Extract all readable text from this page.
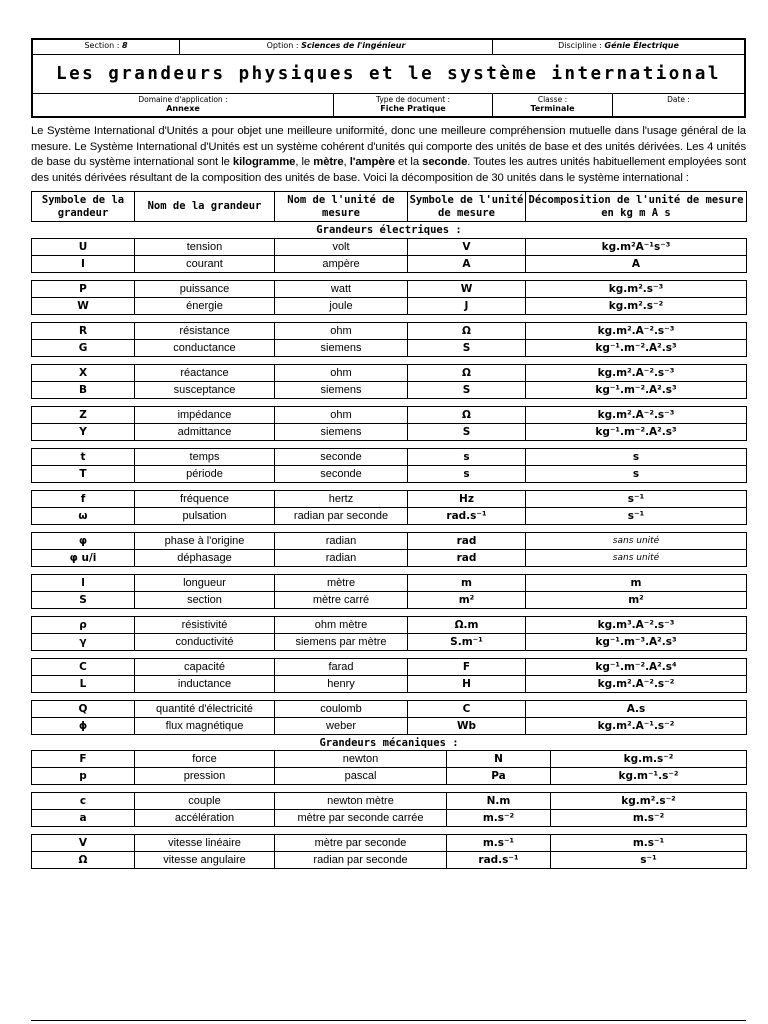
Section : 8	Option : Sciences de l'ingénieur	Discipline : Génie Électrique
Les grandeurs physiques et le système international
Domaine d'application :
Annexe
Type de document :
Fiche Pratique
Classe :
Terminale
Date :

Le Système International d'Unités a pour objet une meilleure uniformité, donc une meilleure compréhension mutuelle dans l'usage général de la mesure. Le Système International d'Unités est un système cohérent d'unités qui comporte des unités de base et des unités dérivées. Les 4 unités de base du système international sont le kilogramme, le mètre, l'ampère et la seconde. Toutes les autres unités habituellement employées sont des unités dérivées résultant de la composition des unités de base. Voici la décomposition de 30 unités dans le système international :

Symbole de la grandeur	Nom de la grandeur	Nom de l'unité de mesure	Symbole de l'unité de mesure	Décomposition de l'unité de mesure en kg m A s
Grandeurs électriques :				
U	tension	volt	V	kg.m²A⁻¹s⁻³
I	courant	ampère	A	A

P	puissance	watt	W	kg.m².s⁻³
W	énergie	joule	J	kg.m².s⁻²

R	résistance	ohm	Ω	kg.m².A⁻².s⁻³
G	conductance	siemens	S	kg⁻¹.m⁻².A².s³

X	réactance	ohm	Ω	kg.m².A⁻².s⁻³
B	susceptance	siemens	S	kg⁻¹.m⁻².A².s³

Z	impédance	ohm	Ω	kg.m².A⁻².s⁻³
Y	admittance	siemens	S	kg⁻¹.m⁻².A².s³

t	temps	seconde	s	s
T	période	seconde	s	s

f	fréquence	hertz	Hz	s⁻¹
ω	pulsation	radian par seconde	rad.s⁻¹	s⁻¹

φ	phase à l'origine	radian	rad	sans unité
φ u/i	déphasage	radian	rad	sans unité

l	longueur	mètre	m	m
S	section	mètre carré	m²	m²

ρ	résistivité	ohm mètre	Ω.m	kg.m³.A⁻².s⁻³
γ	conductivité	siemens par mètre	S.m⁻¹	kg⁻¹.m⁻³.A².s³

C	capacité	farad	F	kg⁻¹.m⁻².A².s⁴
L	inductance	henry	H	kg.m².A⁻².s⁻²

Q	quantité d'électricité	coulomb	C	A.s
ϕ	flux magnétique	weber	Wb	kg.m².A⁻¹.s⁻²
Grandeurs mécaniques :				
F	force	newton	N	kg.m.s⁻²
p	pression	pascal	Pa	kg.m⁻¹.s⁻²

c	couple	newton mètre	N.m	kg.m².s⁻²
a	accélération	mètre par seconde carrée	m.s⁻²	m.s⁻²

V	vitesse linéaire	mètre par seconde	m.s⁻¹	m.s⁻¹
Ω	vitesse angulaire	radian par seconde	rad.s⁻¹	s⁻¹
